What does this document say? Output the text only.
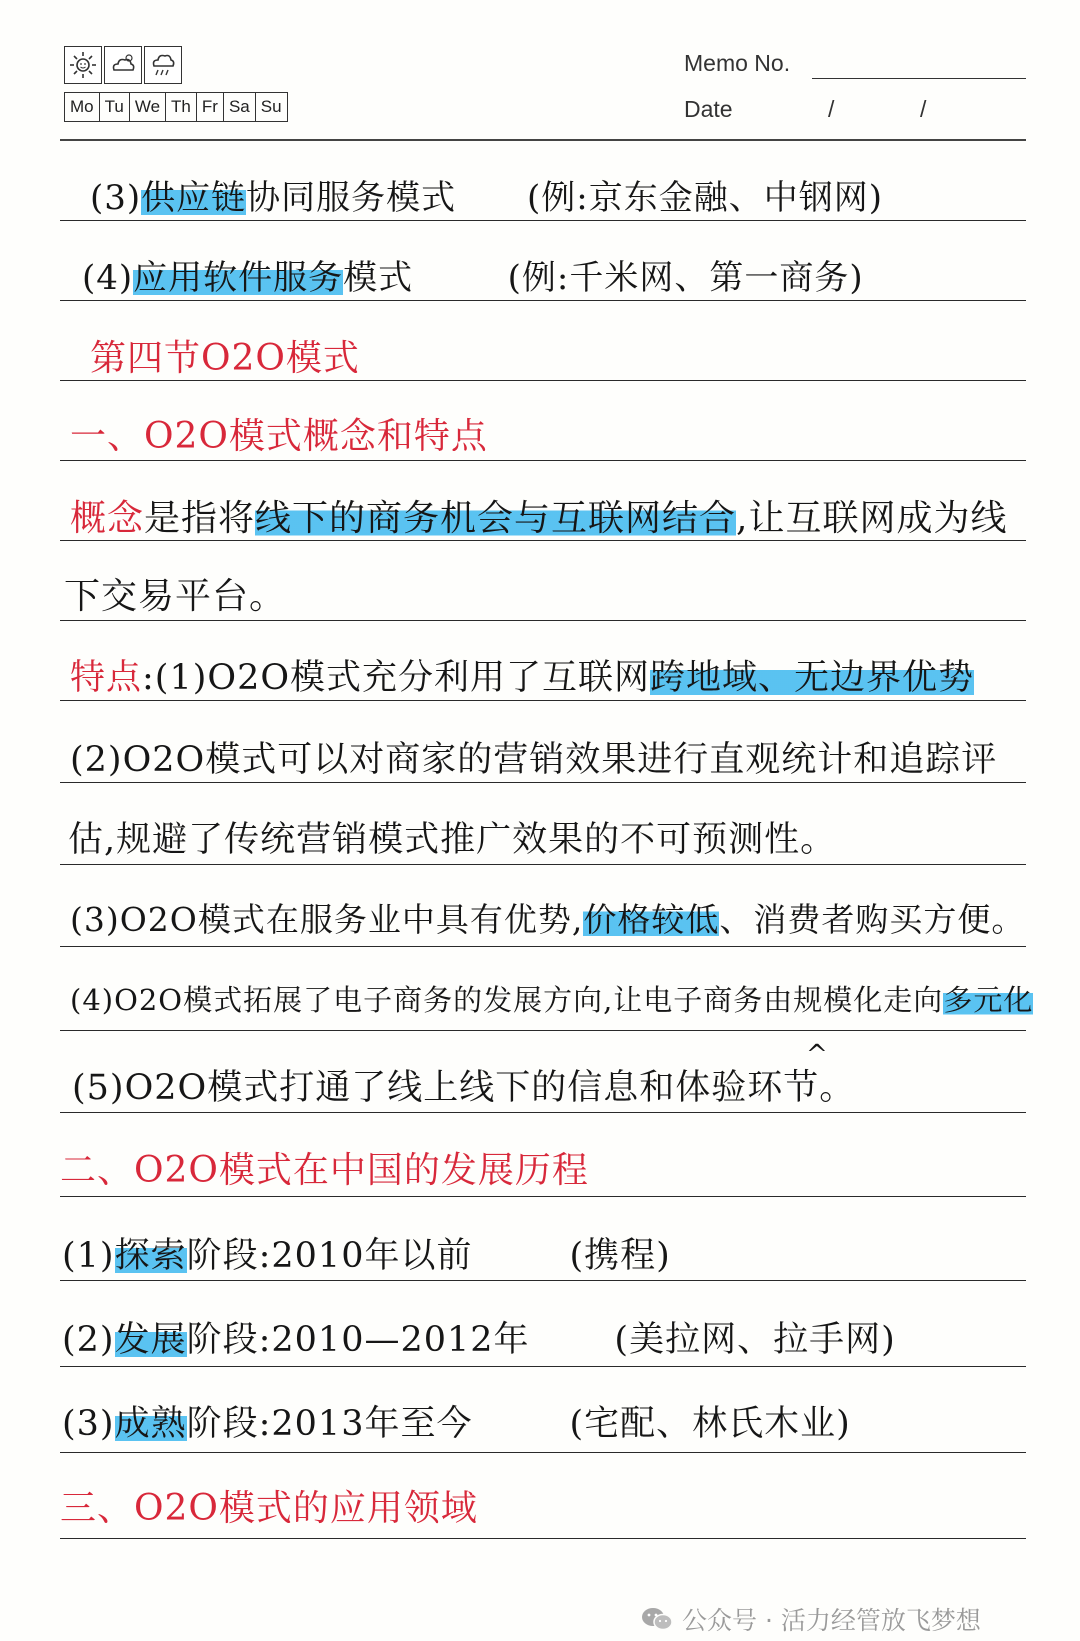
Mo Tu We Th Fr Sa Su
Memo No.
Date	/	/
(3)供应链协同服务模式      (例:京东金融、中钢网)
(4)应用软件服务模式        (例:千米网、第一商务)
第四节O2O模式
一、O2O模式概念和特点
概念是指将线下的商务机会与互联网结合,让互联网成为线
下交易平台。
特点:(1)O2O模式充分利用了互联网跨地域、无边界优势
(2)O2O模式可以对商家的营销效果进行直观统计和追踪评
估,规避了传统营销模式推广效果的不可预测性。
(3)O2O模式在服务业中具有优势,价格较低、消费者购买方便。
(4)O2O模式拓展了电子商务的发展方向,让电子商务由规模化走向多元化
(5)O2O模式打通了线上线下的信息和体验环节。
二、O2O模式在中国的发展历程
(1)探索阶段:2010年以前        (携程)
(2)发展阶段:2010—2012年       (美拉网、拉手网)
(3)成熟阶段:2013年至今        (宅配、林氏木业)
三、O2O模式的应用领域
^
公众号 · 活力经管放飞梦想
